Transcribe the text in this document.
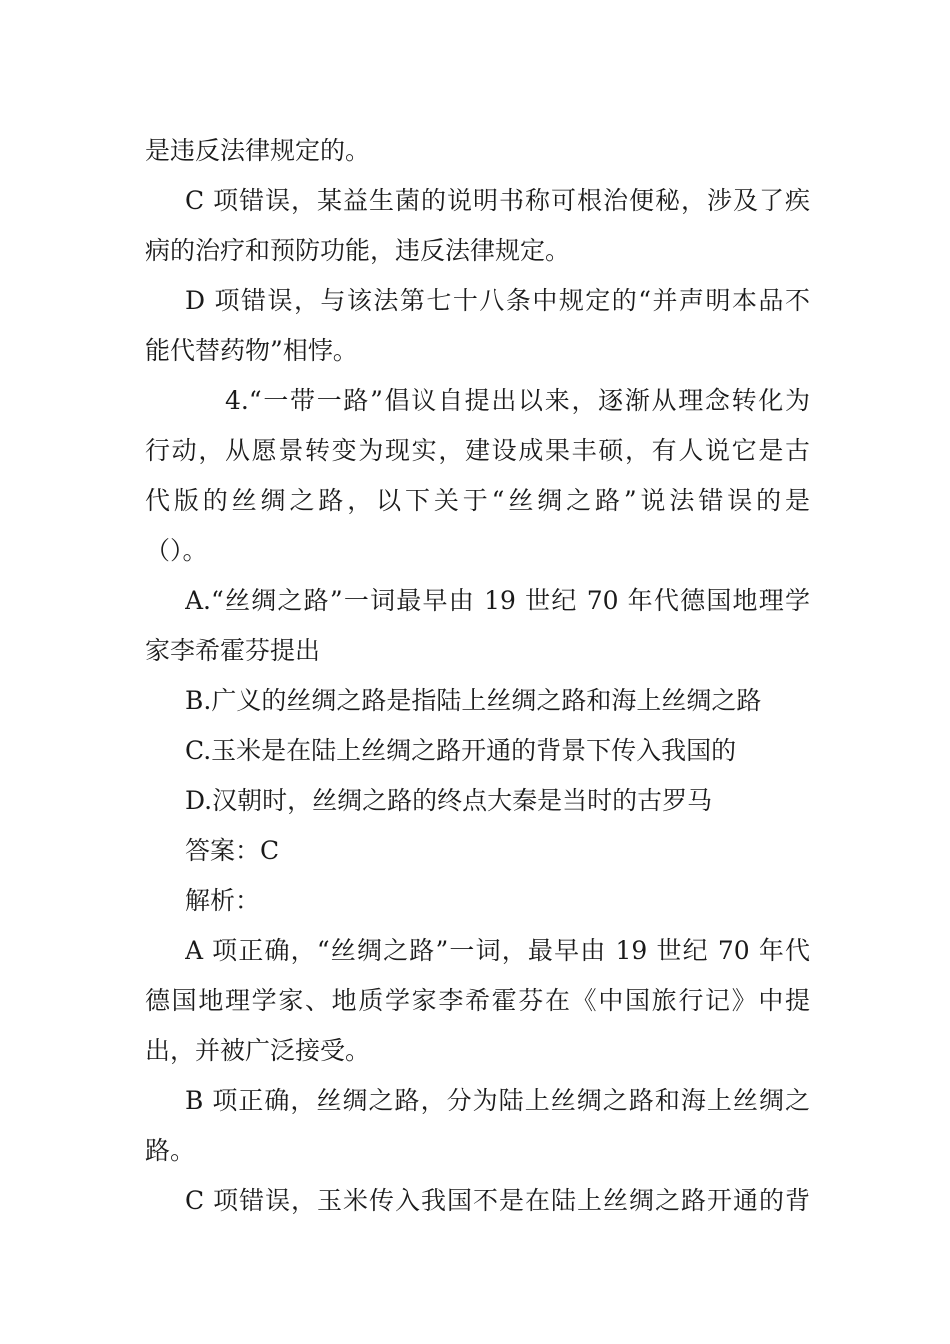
是违反法律规定的。
C 项错误，某益生菌的说明书称可根治便秘，涉及了疾
病的治疗和预防功能，违反法律规定。
D 项错误，与该法第七十八条中规定的“并声明本品不
能代替药物”相悖。
4.“一带一路”倡议自提出以来，逐渐从理念转化为
行动，从愿景转变为现实，建设成果丰硕，有人说它是古
代版的丝绸之路，以下关于“丝绸之路”说法错误的是
（）。
A.“丝绸之路”一词最早由 19 世纪 70 年代德国地理学
家李希霍芬提出
B.广义的丝绸之路是指陆上丝绸之路和海上丝绸之路
C.玉米是在陆上丝绸之路开通的背景下传入我国的
D.汉朝时，丝绸之路的终点大秦是当时的古罗马
答案：C
解析：
A 项正确，“丝绸之路”一词，最早由 19 世纪 70 年代
德国地理学家、地质学家李希霍芬在《中国旅行记》中提
出，并被广泛接受。
B 项正确，丝绸之路，分为陆上丝绸之路和海上丝绸之
路。
C 项错误，玉米传入我国不是在陆上丝绸之路开通的背
